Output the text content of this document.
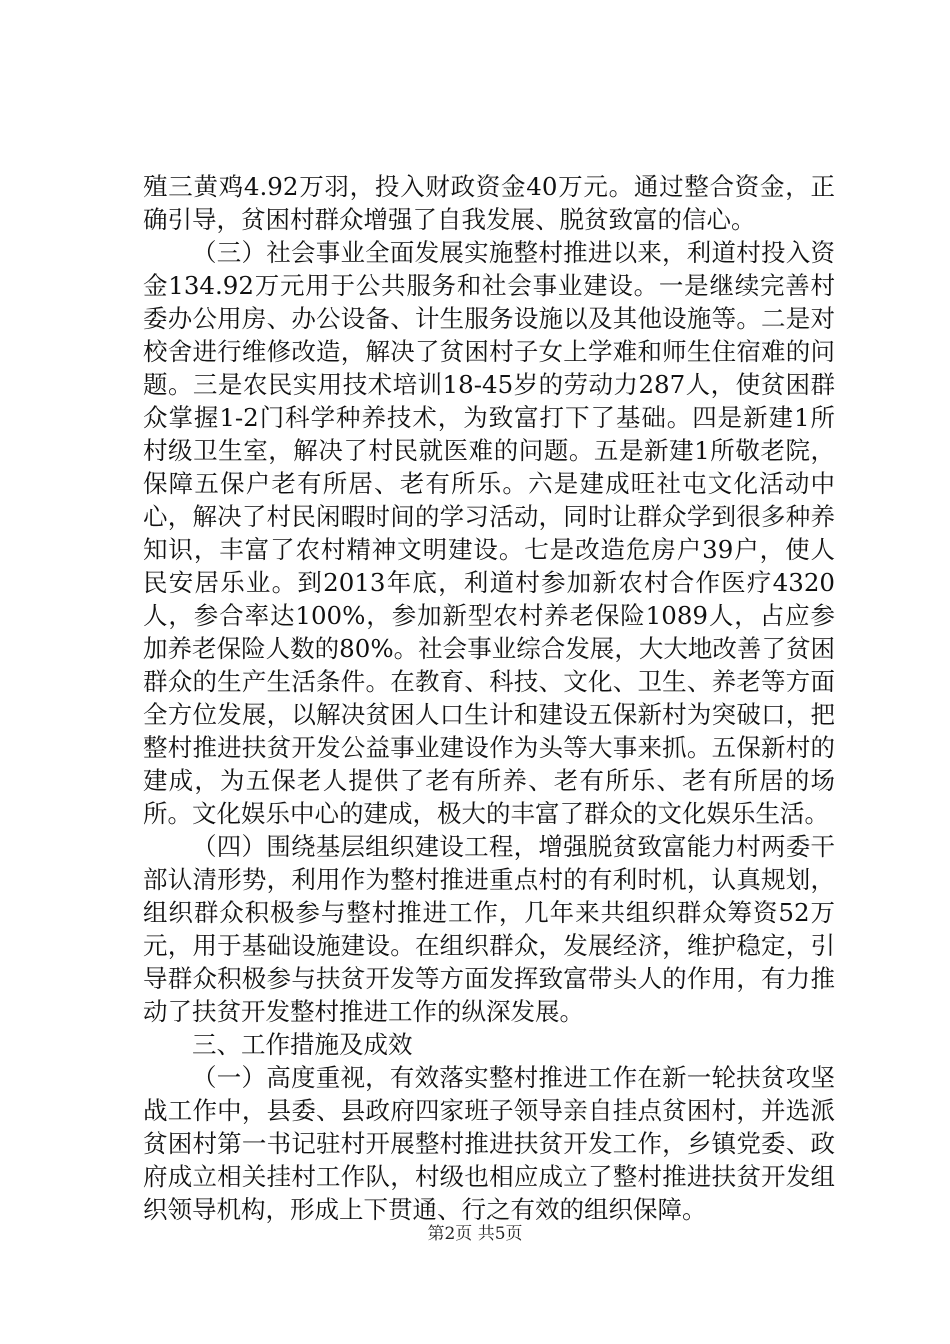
殖三黄鸡4.92万羽，投入财政资金40万元。通过整合资金，正确引导，贫困村群众增强了自我发展、脱贫致富的信心。

（三）社会事业全面发展实施整村推进以来，利道村投入资金134.92万元用于公共服务和社会事业建设。一是继续完善村委办公用房、办公设备、计生服务设施以及其他设施等。二是对校舍进行维修改造，解决了贫困村子女上学难和师生住宿难的问题。三是农民实用技术培训18-45岁的劳动力287人，使贫困群众掌握1-2门科学种养技术，为致富打下了基础。四是新建1所村级卫生室，解决了村民就医难的问题。五是新建1所敬老院，保障五保户老有所居、老有所乐。六是建成旺社屯文化活动中心，解决了村民闲暇时间的学习活动，同时让群众学到很多种养知识，丰富了农村精神文明建设。七是改造危房户39户，使人民安居乐业。到2013年底，利道村参加新农村合作医疗4320人，参合率达100%，参加新型农村养老保险1089人，占应参加养老保险人数的80%。社会事业综合发展，大大地改善了贫困群众的生产生活条件。在教育、科技、文化、卫生、养老等方面全方位发展，以解决贫困人口生计和建设五保新村为突破口，把整村推进扶贫开发公益事业建设作为头等大事来抓。五保新村的建成，为五保老人提供了老有所养、老有所乐、老有所居的场所。文化娱乐中心的建成，极大的丰富了群众的文化娱乐生活。

（四）围绕基层组织建设工程，增强脱贫致富能力村两委干部认清形势，利用作为整村推进重点村的有利时机，认真规划，组织群众积极参与整村推进工作，几年来共组织群众筹资52万元，用于基础设施建设。在组织群众，发展经济，维护稳定，引导群众积极参与扶贫开发等方面发挥致富带头人的作用，有力推动了扶贫开发整村推进工作的纵深发展。

三、工作措施及成效

（一）高度重视，有效落实整村推进工作在新一轮扶贫攻坚战工作中，县委、县政府四家班子领导亲自挂点贫困村，并选派贫困村第一书记驻村开展整村推进扶贫开发工作，乡镇党委、政府成立相关挂村工作队，村级也相应成立了整村推进扶贫开发组织领导机构，形成上下贯通、行之有效的组织保障。

第2页 共5页
